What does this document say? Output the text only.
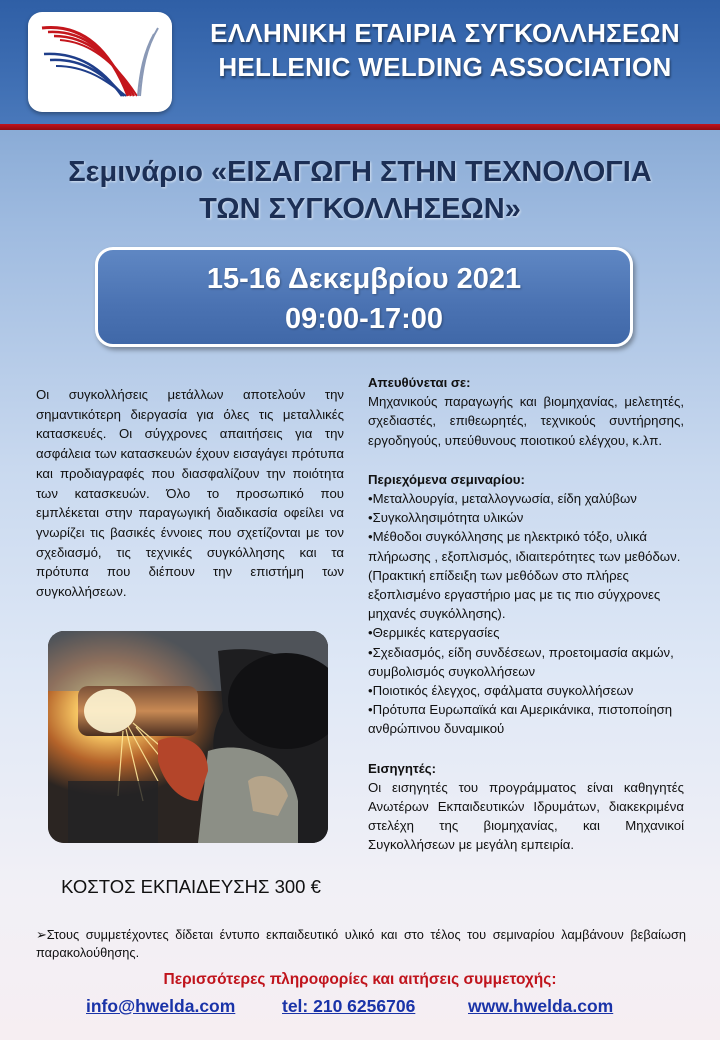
ΕΛΛΗΝΙΚΗ ΕΤΑΙΡΙΑ ΣΥΓΚΟΛΛΗΣΕΩΝ
HELLENIC WELDING ASSOCIATION
Σεμινάριο «ΕΙΣΑΓΩΓΗ ΣΤΗΝ ΤΕΧΝΟΛΟΓΙΑ
ΤΩΝ ΣΥΓΚΟΛΛΗΣΕΩΝ»
15-16 Δεκεμβρίου 2021
09:00-17:00
Οι συγκολλήσεις μετάλλων αποτελούν την σημαντικότερη διεργασία για όλες τις μεταλλικές κατασκευές. Οι σύγχρονες απαιτήσεις για την ασφάλεια των κατασκευών έχουν εισαγάγει πρότυπα και προδιαγραφές που διασφαλίζουν την ποιότητα των κατασκευών. Όλο το προσωπικό που εμπλέκεται στην παραγωγική διαδικασία οφείλει να γνωρίζει τις βασικές έννοιες που σχετίζονται με τον σχεδιασμό, τις τεχνικές συγκόλλησης και τα πρότυπα που διέπουν την επιστήμη των συγκολλήσεων.
ΚΟΣΤΟΣ ΕΚΠΑΙΔΕΥΣΗΣ 300 €
Απευθύνεται σε:
Μηχανικούς παραγωγής και βιομηχανίας, μελετητές, σχεδιαστές, επιθεωρητές, τεχνικούς συντήρησης, εργοδηγούς, υπεύθυνους ποιοτικού ελέγχου, κ.λπ.
Περιεχόμενα σεμιναρίου:
•Μεταλλουργία, μεταλλογνωσία, είδη χαλύβων
•Συγκολλησιμότητα υλικών
•Μέθοδοι συγκόλλησης με ηλεκτρικό τόξο, υλικά πλήρωσης , εξοπλισμός, ιδιαιτερότητες των μεθόδων. (Πρακτική επίδειξη των μεθόδων στο πλήρες εξοπλισμένο εργαστήριο μας με τις πιο σύγχρονες μηχανές συγκόλλησης).
•Θερμικές κατεργασίες
•Σχεδιασμός, είδη συνδέσεων, προετοιμασία ακμών, συμβολισμός συγκολλήσεων
•Ποιοτικός έλεγχος, σφάλματα συγκολλήσεων
•Πρότυπα Ευρωπαϊκά και Αμερικάνικα, πιστοποίηση ανθρώπινου δυναμικού
Εισηγητές:
Οι εισηγητές του προγράμματος είναι καθηγητές Ανωτέρων Εκπαιδευτικών Ιδρυμάτων, διακεκριμένα στελέχη της βιομηχανίας, και Μηχανικοί Συγκολλήσεων με μεγάλη εμπειρία.
➢Στους συμμετέχοντες δίδεται έντυπο εκπαιδευτικό υλικό και στο τέλος του σεμιναρίου λαμβάνουν βεβαίωση παρακολούθησης.
Περισσότερες πληροφορίες και αιτήσεις συμμετοχής:
info@hwelda.com	tel: 210 6256706	www.hwelda.com
